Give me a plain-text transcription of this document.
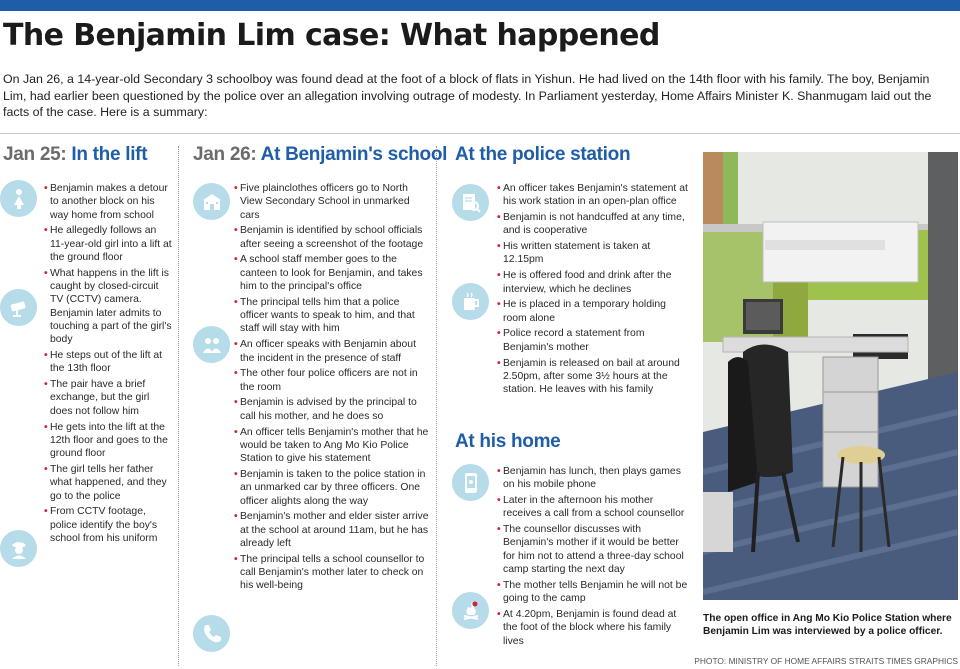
The Benjamin Lim case: What happened

On Jan 26, a 14-year-old Secondary 3 schoolboy was found dead at the foot of a block of flats in Yishun. He had lived on the 14th floor with his family. The boy, Benjamin Lim, had earlier been questioned by the police over an allegation involving outrage of modesty. In Parliament yesterday, Home Affairs Minister K. Shanmugam laid out the facts of the case. Here is a summary:

Jan 25: In the lift
• Benjamin makes a detour to another block on his way home from school
• He allegedly follows an 11-year-old girl into a lift at the ground floor
• What happens in the lift is caught by closed-circuit TV (CCTV) camera. Benjamin later admits to touching a part of the girl's body
• He steps out of the lift at the 13th floor
• The pair have a brief exchange, but the girl does not follow him
• He gets into the lift at the 12th floor and goes to the ground floor
• The girl tells her father what happened, and they go to the police
• From CCTV footage, police identify the boy's school from his uniform
Jan 26: At Benjamin's school
• Five plainclothes officers go to North View Secondary School in unmarked cars
• Benjamin is identified by school officials after seeing a screenshot of the footage
• A school staff member goes to the canteen to look for Benjamin, and takes him to the principal's office
• The principal tells him that a police officer wants to speak to him, and that staff will stay with him
• An officer speaks with Benjamin about the incident in the presence of staff
• The other four police officers are not in the room
• Benjamin is advised by the principal to call his mother, and he does so
• An officer tells Benjamin's mother that he would be taken to Ang Mo Kio Police Station to give his statement
• Benjamin is taken to the police station in an unmarked car by three officers. One officer alights along the way
• Benjamin's mother and elder sister arrive at the school at around 11am, but he has already left
• The principal tells a school counsellor to call Benjamin's mother later to check on his well-being
At the police station
• An officer takes Benjamin's statement at his work station in an open-plan office
• Benjamin is not handcuffed at any time, and is cooperative
• His written statement is taken at 12.15pm
• He is offered food and drink after the interview, which he declines
• He is placed in a temporary holding room alone
• Police record a statement from Benjamin's mother
• Benjamin is released on bail at around 2.50pm, after some 3½ hours at the station. He leaves with his family
At his home
• Benjamin has lunch, then plays games on his mobile phone
• Later in the afternoon his mother receives a call from a school counsellor
• The counsellor discusses with Benjamin's mother if it would be better for him not to attend a three-day school camp starting the next day
• The mother tells Benjamin he will not be going to the camp
• At 4.20pm, Benjamin is found dead at the foot of the block where his family lives

The open office in Ang Mo Kio Police Station where Benjamin Lim was interviewed by a police officer.

PHOTO: MINISTRY OF HOME AFFAIRS STRAITS TIMES GRAPHICS
